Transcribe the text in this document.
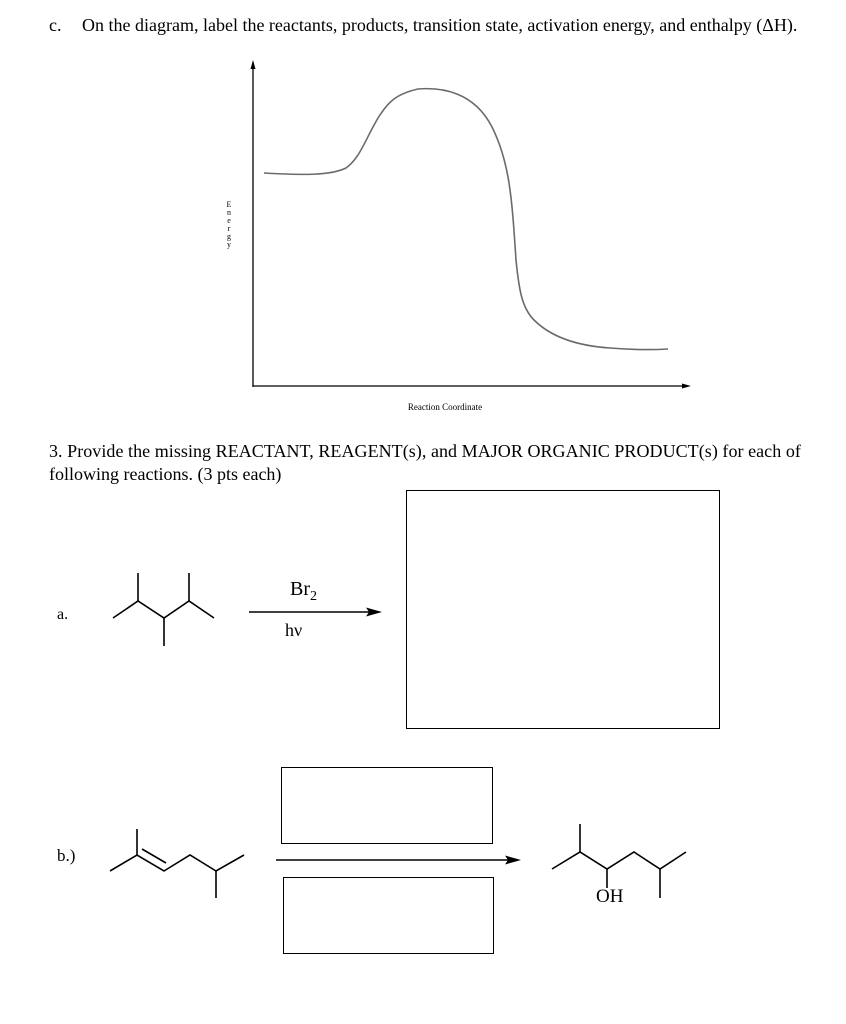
c. On the diagram, label the reactants, products, transition state, activation energy, and enthalpy (ΔH).
E n e r g y
Reaction Coordinate
3. Provide the missing REACTANT, REAGENT(s), and MAJOR ORGANIC PRODUCT(s) for each of
following reactions. (3 pts each)
a.
$Br_2$
hν
b.)
OH
